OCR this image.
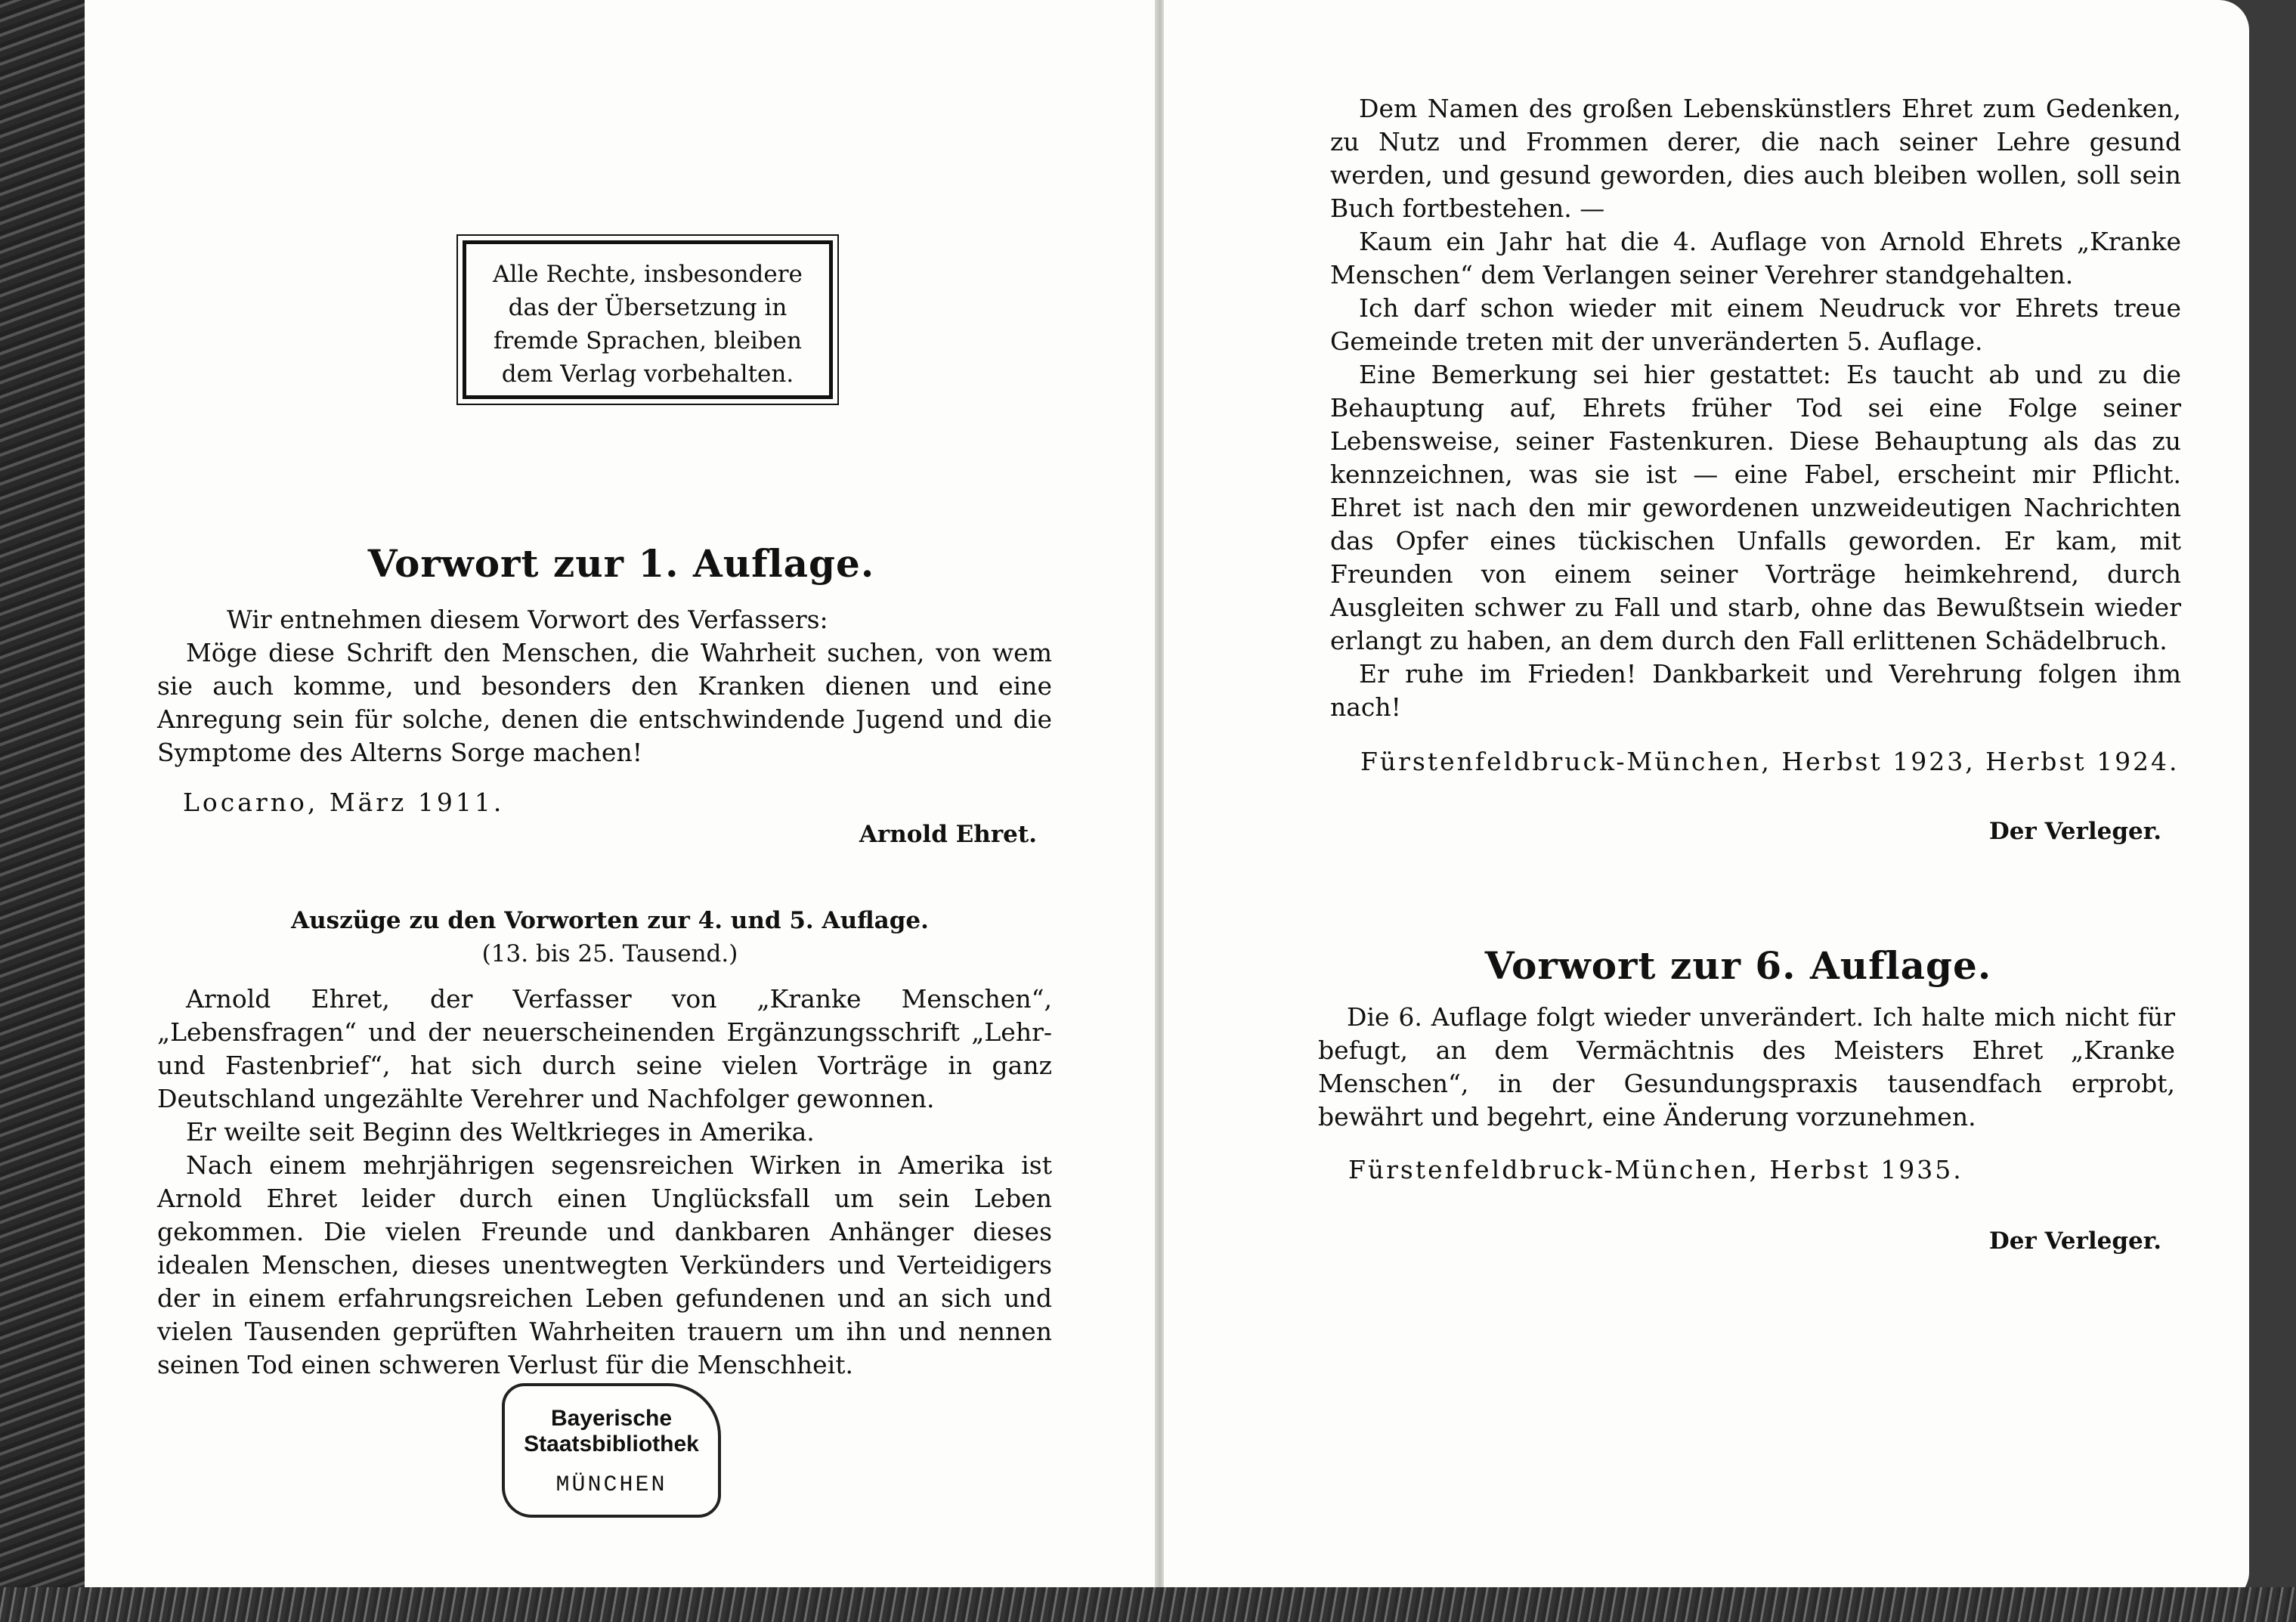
Alle Rechte, insbesondere das der Übersetzung in fremde Sprachen, bleiben dem Verlag vorbehalten.
Vorwort zur 1. Auflage.
Wir entnehmen diesem Vorwort des Verfassers:
Möge diese Schrift den Menschen, die Wahrheit suchen, von wem sie auch komme, und besonders den Kranken dienen und eine Anregung sein für solche, denen die entschwindende Jugend und die Symptome des Alterns Sorge machen!
Locarno, März 1911.
Arnold Ehret.
Auszüge zu den Vorworten zur 4. und 5. Auflage.
(13. bis 25. Tausend.)
Arnold Ehret, der Verfasser von „Kranke Menschen“, „Lebensfragen“ und der neuerscheinenden Ergänzungsschrift „Lehr- und Fastenbrief“, hat sich durch seine vielen Vorträge in ganz Deutschland ungezählte Verehrer und Nachfolger gewonnen.
Er weilte seit Beginn des Weltkrieges in Amerika.
Nach einem mehrjährigen segensreichen Wirken in Amerika ist Arnold Ehret leider durch einen Unglücksfall um sein Leben gekommen. Die vielen Freunde und dankbaren Anhänger dieses idealen Menschen, dieses unentwegten Verkünders und Verteidigers der in einem erfahrungsreichen Leben gefundenen und an sich und vielen Tausenden geprüften Wahrheiten trauern um ihn und nennen seinen Tod einen schweren Verlust für die Menschheit.
Bayerische
Staatsbibliothek
MÜNCHEN
Dem Namen des großen Lebenskünstlers Ehret zum Gedenken, zu Nutz und Frommen derer, die nach seiner Lehre gesund werden, und gesund geworden, dies auch bleiben wollen, soll sein Buch fortbestehen. —
Kaum ein Jahr hat die 4. Auflage von Arnold Ehrets „Kranke Menschen“ dem Verlangen seiner Verehrer standgehalten.
Ich darf schon wieder mit einem Neudruck vor Ehrets treue Gemeinde treten mit der unveränderten 5. Auflage.
Eine Bemerkung sei hier gestattet: Es taucht ab und zu die Behauptung auf, Ehrets früher Tod sei eine Folge seiner Lebensweise, seiner Fastenkuren. Diese Behauptung als das zu kennzeichnen, was sie ist — eine Fabel, erscheint mir Pflicht. Ehret ist nach den mir gewordenen unzweideutigen Nachrichten das Opfer eines tückischen Unfalls geworden. Er kam, mit Freunden von einem seiner Vorträge heimkehrend, durch Ausgleiten schwer zu Fall und starb, ohne das Bewußtsein wieder erlangt zu haben, an dem durch den Fall erlittenen Schädelbruch.
Er ruhe im Frieden! Dankbarkeit und Verehrung folgen ihm nach!
Fürstenfeldbruck-München, Herbst 1923, Herbst 1924.
Der Verleger.
Vorwort zur 6. Auflage.
Die 6. Auflage folgt wieder unverändert. Ich halte mich nicht für befugt, an dem Vermächtnis des Meisters Ehret „Kranke Menschen“, in der Gesundungspraxis tausendfach erprobt, bewährt und begehrt, eine Änderung vorzunehmen.
Fürstenfeldbruck-München, Herbst 1935.
Der Verleger.
